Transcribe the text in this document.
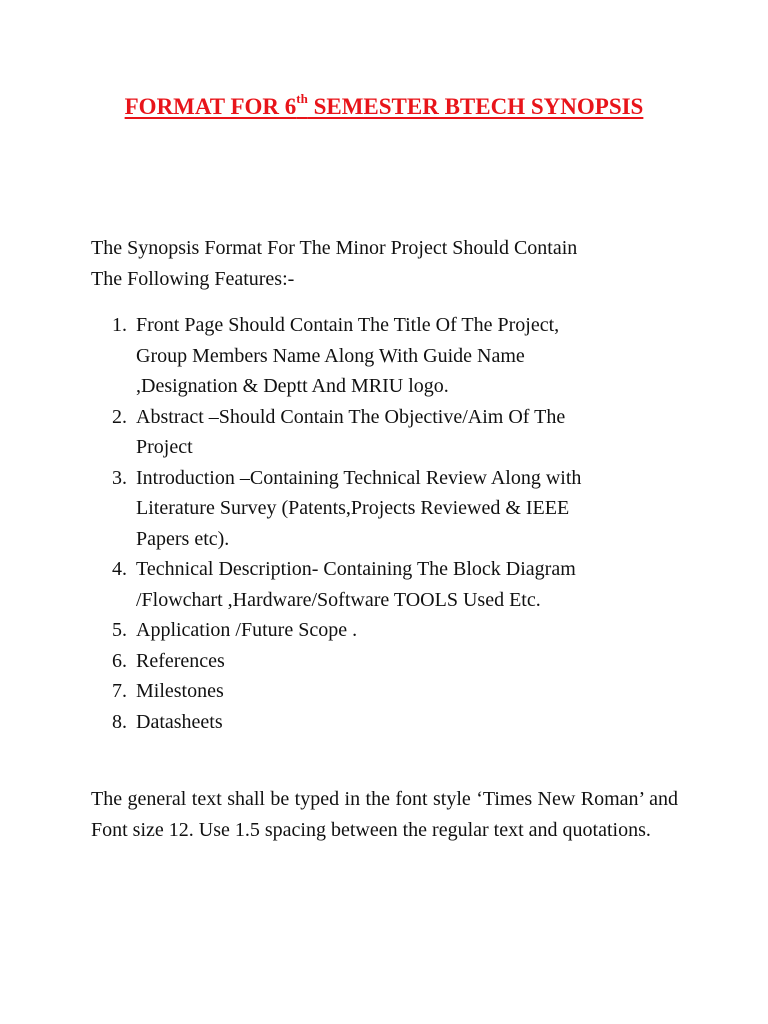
FORMAT FOR 6th SEMESTER BTECH SYNOPSIS

The Synopsis Format For The Minor Project Should Contain
The Following Features:-

1. Front Page Should Contain The Title Of The Project,
Group Members Name Along With Guide Name
,Designation & Deptt And MRIU logo.
2. Abstract –Should Contain The Objective/Aim Of The
Project
3. Introduction –Containing Technical Review Along with
Literature Survey (Patents,Projects Reviewed & IEEE
Papers etc).
4. Technical Description- Containing The Block Diagram
/Flowchart ,Hardware/Software TOOLS Used Etc.
5. Application /Future Scope .
6. References
7. Milestones
8. Datasheets

The general text shall be typed in the font style ‘Times New Roman’ and Font size 12. Use 1.5 spacing between the regular text and quotations.
